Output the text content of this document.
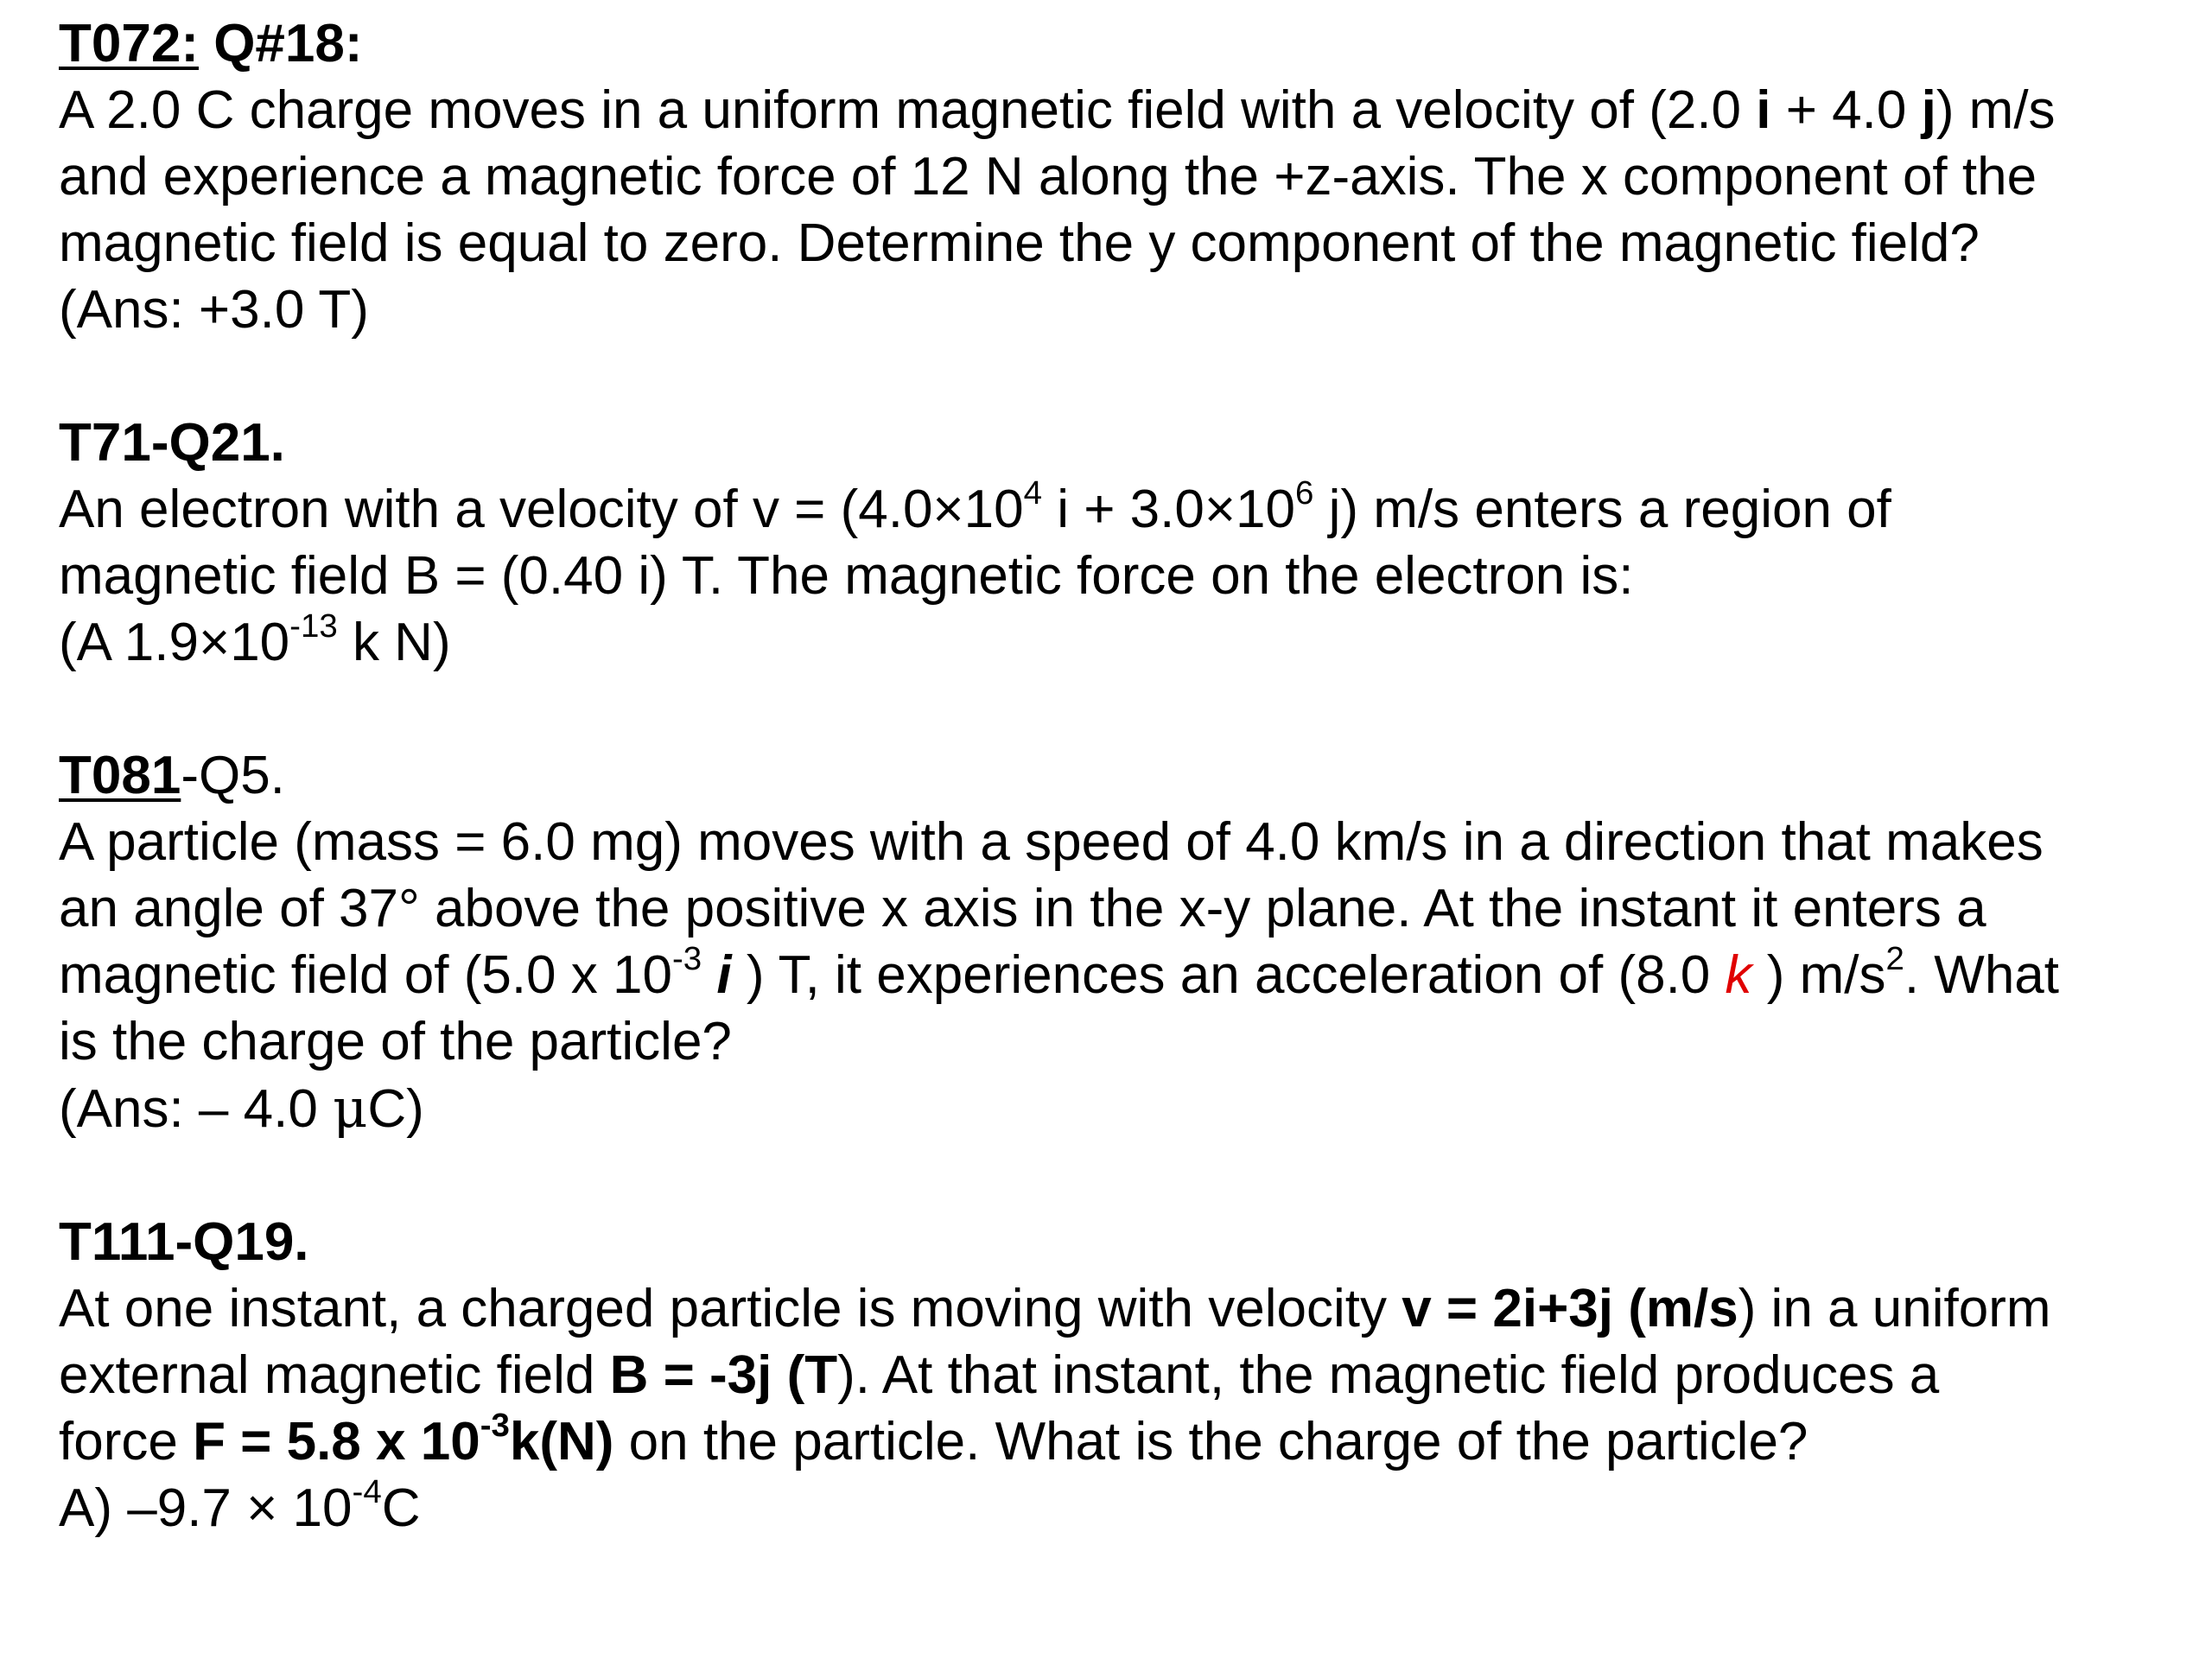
T072: Q#18:
A 2.0 C charge moves in a uniform magnetic field with a velocity of (2.0 i + 4.0 j) m/s
and experience a magnetic force of 12 N along the +z-axis. The x component of the
magnetic field is equal to zero. Determine the y component of the magnetic field?
(Ans: +3.0 T)
T71-Q21.
An electron with a velocity of $v = (4.0\times 10^4$ $i + 3.0\times 10^6$ j) m/s enters a region of
magnetic field B = (0.40 i) T. The magnetic force on the electron is:
(A $1.9\times 10^{-13}$ k N)
T081-Q5.
A particle (mass = 6.0 mg) moves with a speed of 4.0 km/s in a direction that makes
an angle of 37° above the positive x axis in the x-y plane. At the instant it enters a
magnetic field of (5.0 x $10^{-3}$ i ) T, it experiences an acceleration of (8.0 k ) $m/s^2$. What
is the charge of the particle?
(Ans: – 4.0 μC)
T111-Q19.
At one instant, a charged particle is moving with velocity v = 2i+3j (m/s) in a uniform
external magnetic field B = -3j (T). At that instant, the magnetic field produces a
force F = 5.8 x $10^{-3}k(N)$ on the particle. What is the charge of the particle?
A) $-9.7 \times 10^{-4}C$
